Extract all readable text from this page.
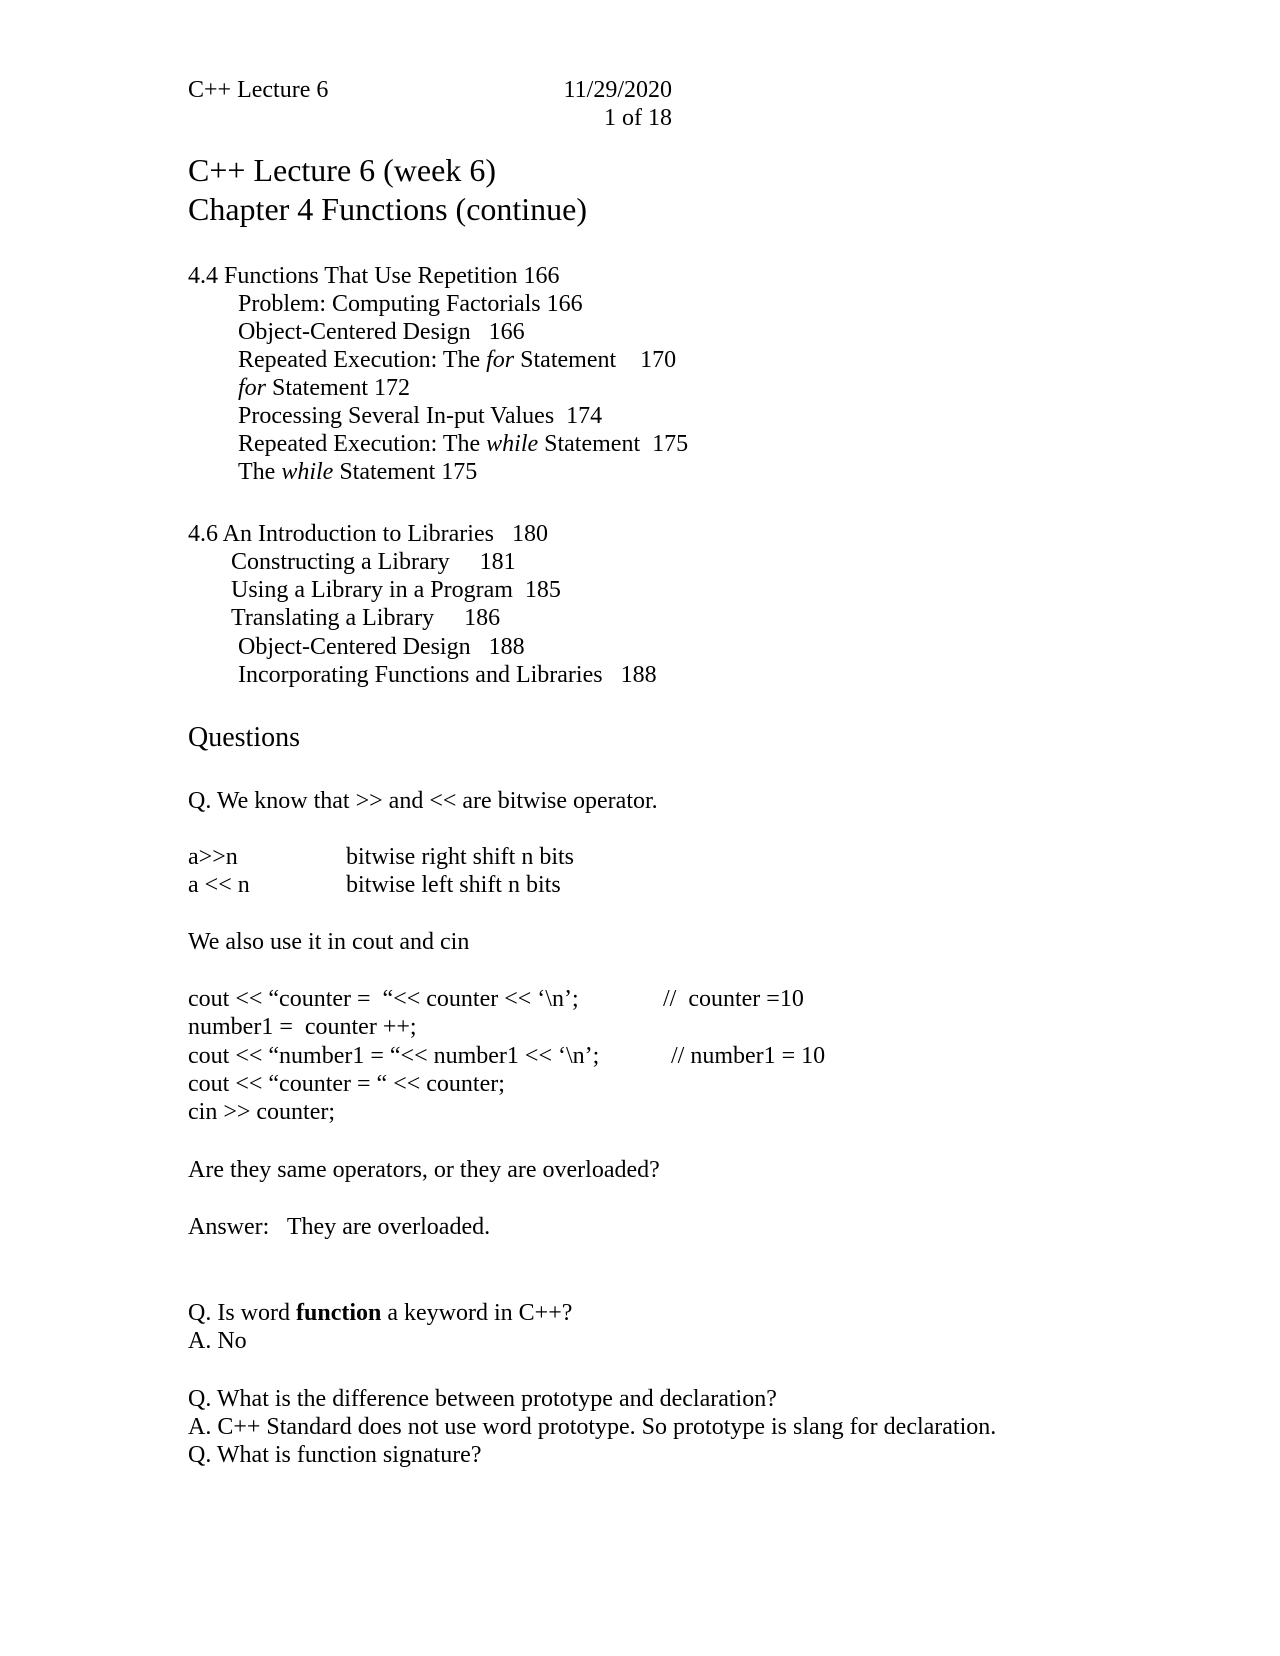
C++ Lecture 6	11/29/2020
1 of 18
C++ Lecture 6 (week 6)
Chapter 4 Functions (continue)
4.4 Functions That Use Repetition 166
Problem: Computing Factorials 166
Object-Centered Design   166
Repeated Execution: The for Statement    170
for Statement 172
Processing Several In-put Values  174
Repeated Execution: The while Statement  175
The while Statement 175
4.6 An Introduction to Libraries   180
Constructing a Library     181
Using a Library in a Program  185
Translating a Library     186
Object-Centered Design   188
Incorporating Functions and Libraries   188
Questions
Q. We know that >> and << are bitwise operator.
a>>n	bitwise right shift n bits
a << n	bitwise left shift n bits
We also use it in cout and cin
cout << “counter =  “<< counter << ‘\n’;	//  counter =10
number1 =  counter ++;
cout << “number1 = “<< number1 << ‘\n’;	// number1 = 10
cout << “counter = “ << counter;
cin >> counter;
Are they same operators, or they are overloaded?
Answer:   They are overloaded.
Q. Is word function a keyword in C++?
A. No
Q. What is the difference between prototype and declaration?
A. C++ Standard does not use word prototype. So prototype is slang for declaration.
Q. What is function signature?
